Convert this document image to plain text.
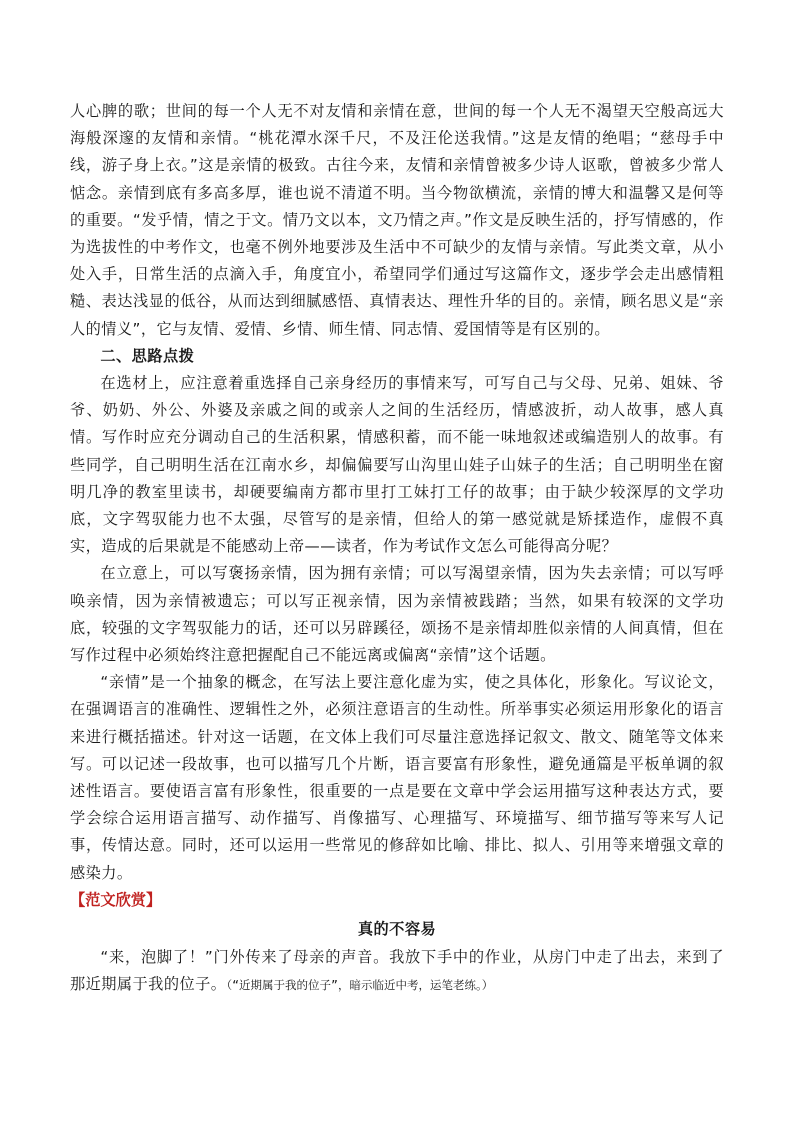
人心脾的歌；世间的每一个人无不对友情和亲情在意，世间的每一个人无不渴望天空般高远大海般深邃的友情和亲情。“桃花潭水深千尺，不及汪伦送我情。”这是友情的绝唱；“慈母手中线，游子身上衣。”这是亲情的极致。古往今来，友情和亲情曾被多少诗人讴歌，曾被多少常人惦念。亲情到底有多高多厚，谁也说不清道不明。当今物欲横流，亲情的博大和温馨又是何等的重要。“发乎情，情之于文。情乃文以本，文乃情之声。”作文是反映生活的，抒写情感的，作为选拔性的中考作文，也毫不例外地要涉及生活中不可缺少的友情与亲情。写此类文章，从小处入手，日常生活的点滴入手，角度宜小，希望同学们通过写这篇作文，逐步学会走出感情粗糙、表达浅显的低谷，从而达到细腻感悟、真情表达、理性升华的目的。亲情，顾名思义是“亲人的情义”，它与友情、爱情、乡情、师生情、同志情、爱国情等是有区别的。

二、思路点拨

在选材上，应注意着重选择自己亲身经历的事情来写，可写自己与父母、兄弟、姐妹、爷爷、奶奶、外公、外婆及亲戚之间的或亲人之间的生活经历，情感波折，动人故事，感人真情。写作时应充分调动自己的生活积累，情感积蓄，而不能一味地叙述或编造别人的故事。有些同学，自己明明生活在江南水乡，却偏偏要写山沟里山娃子山妹子的生活；自己明明坐在窗明几净的教室里读书，却硬要编南方都市里打工妹打工仔的故事；由于缺少较深厚的文学功底，文字驾驭能力也不太强，尽管写的是亲情，但给人的第一感觉就是矫揉造作，虚假不真实，造成的后果就是不能感动上帝——读者，作为考试作文怎么可能得高分呢？

在立意上，可以写褒扬亲情，因为拥有亲情；可以写渴望亲情，因为失去亲情；可以写呼唤亲情，因为亲情被遗忘；可以写正视亲情，因为亲情被践踏；当然，如果有较深的文学功底，较强的文字驾驭能力的话，还可以另辟蹊径，颂扬不是亲情却胜似亲情的人间真情，但在写作过程中必须始终注意把握配自己不能远离或偏离“亲情”这个话题。

“亲情”是一个抽象的概念，在写法上要注意化虚为实，使之具体化，形象化。写议论文，在强调语言的准确性、逻辑性之外，必须注意语言的生动性。所举事实必须运用形象化的语言来进行概括描述。针对这一话题，在文体上我们可尽量注意选择记叙文、散文、随笔等文体来写。可以记述一段故事，也可以描写几个片断，语言要富有形象性，避免通篇是平板单调的叙述性语言。要使语言富有形象性，很重要的一点是要在文章中学会运用描写这种表达方式，要学会综合运用语言描写、动作描写、肖像描写、心理描写、环境描写、细节描写等来写人记事，传情达意。同时，还可以运用一些常见的修辞如比喻、排比、拟人、引用等来增强文章的感染力。

【范文欣赏】

真的不容易

“来，泡脚了！”门外传来了母亲的声音。我放下手中的作业，从房门中走了出去，来到了那近期属于我的位子。（“近期属于我的位子”，暗示临近中考，运笔老练。）
